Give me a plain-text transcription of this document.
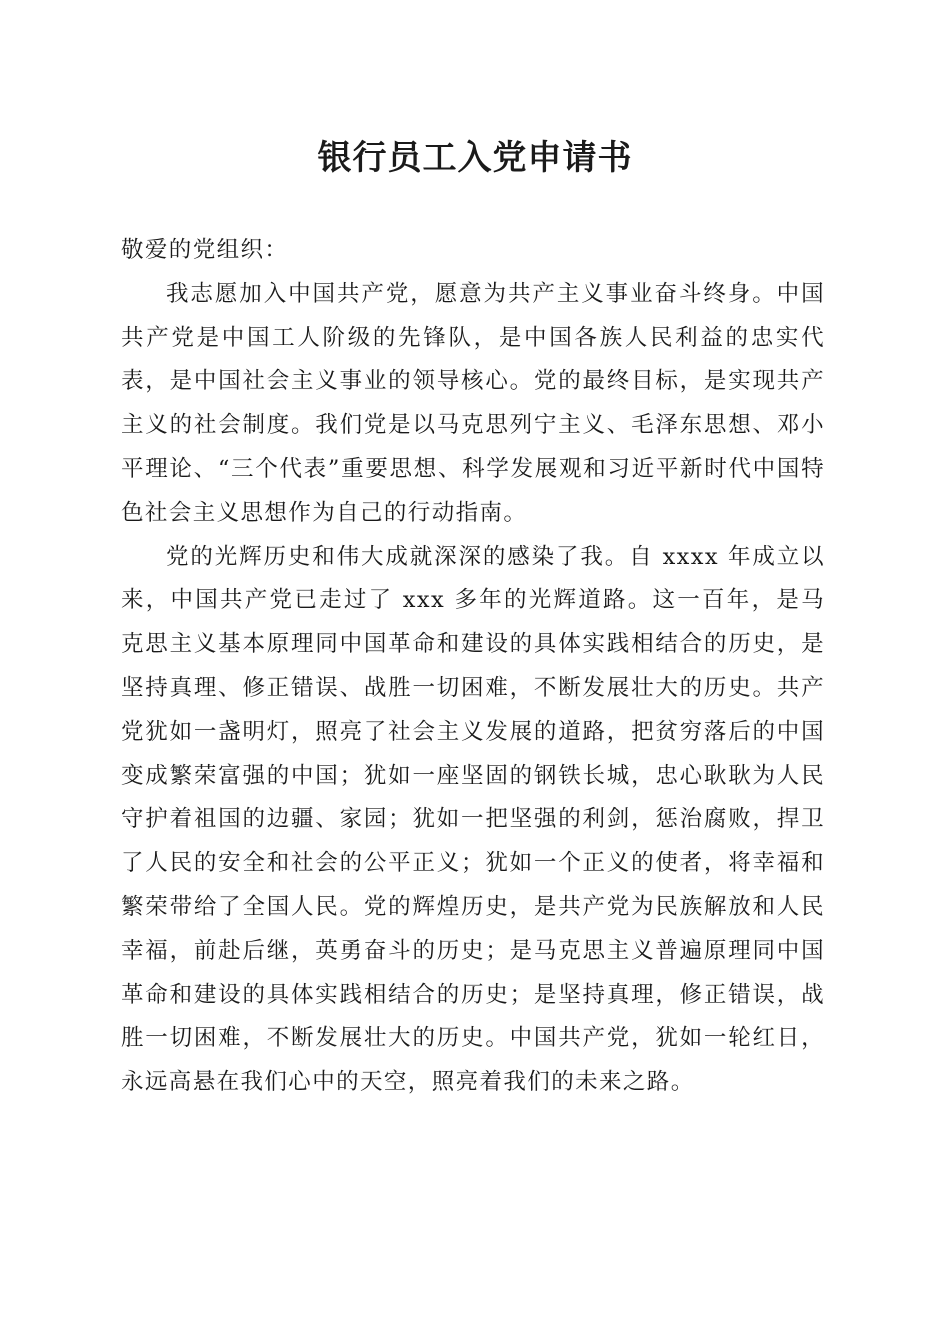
银行员工入党申请书

敬爱的党组织：

我志愿加入中国共产党，愿意为共产主义事业奋斗终身。中国共产党是中国工人阶级的先锋队，是中国各族人民利益的忠实代表，是中国社会主义事业的领导核心。党的最终目标，是实现共产主义的社会制度。我们党是以马克思列宁主义、毛泽东思想、邓小平理论、“三个代表”重要思想、科学发展观和习近平新时代中国特色社会主义思想作为自己的行动指南。

党的光辉历史和伟大成就深深的感染了我。自 xxxx 年成立以来，中国共产党已走过了 xxx 多年的光辉道路。这一百年，是马克思主义基本原理同中国革命和建设的具体实践相结合的历史，是坚持真理、修正错误、战胜一切困难，不断发展壮大的历史。共产党犹如一盏明灯，照亮了社会主义发展的道路，把贫穷落后的中国变成繁荣富强的中国；犹如一座坚固的钢铁长城，忠心耿耿为人民守护着祖国的边疆、家园；犹如一把坚强的利剑，惩治腐败，捍卫了人民的安全和社会的公平正义；犹如一个正义的使者，将幸福和繁荣带给了全国人民。党的辉煌历史，是共产党为民族解放和人民幸福，前赴后继，英勇奋斗的历史；是马克思主义普遍原理同中国革命和建设的具体实践相结合的历史；是坚持真理，修正错误，战胜一切困难，不断发展壮大的历史。中国共产党，犹如一轮红日，永远高悬在我们心中的天空，照亮着我们的未来之路。
